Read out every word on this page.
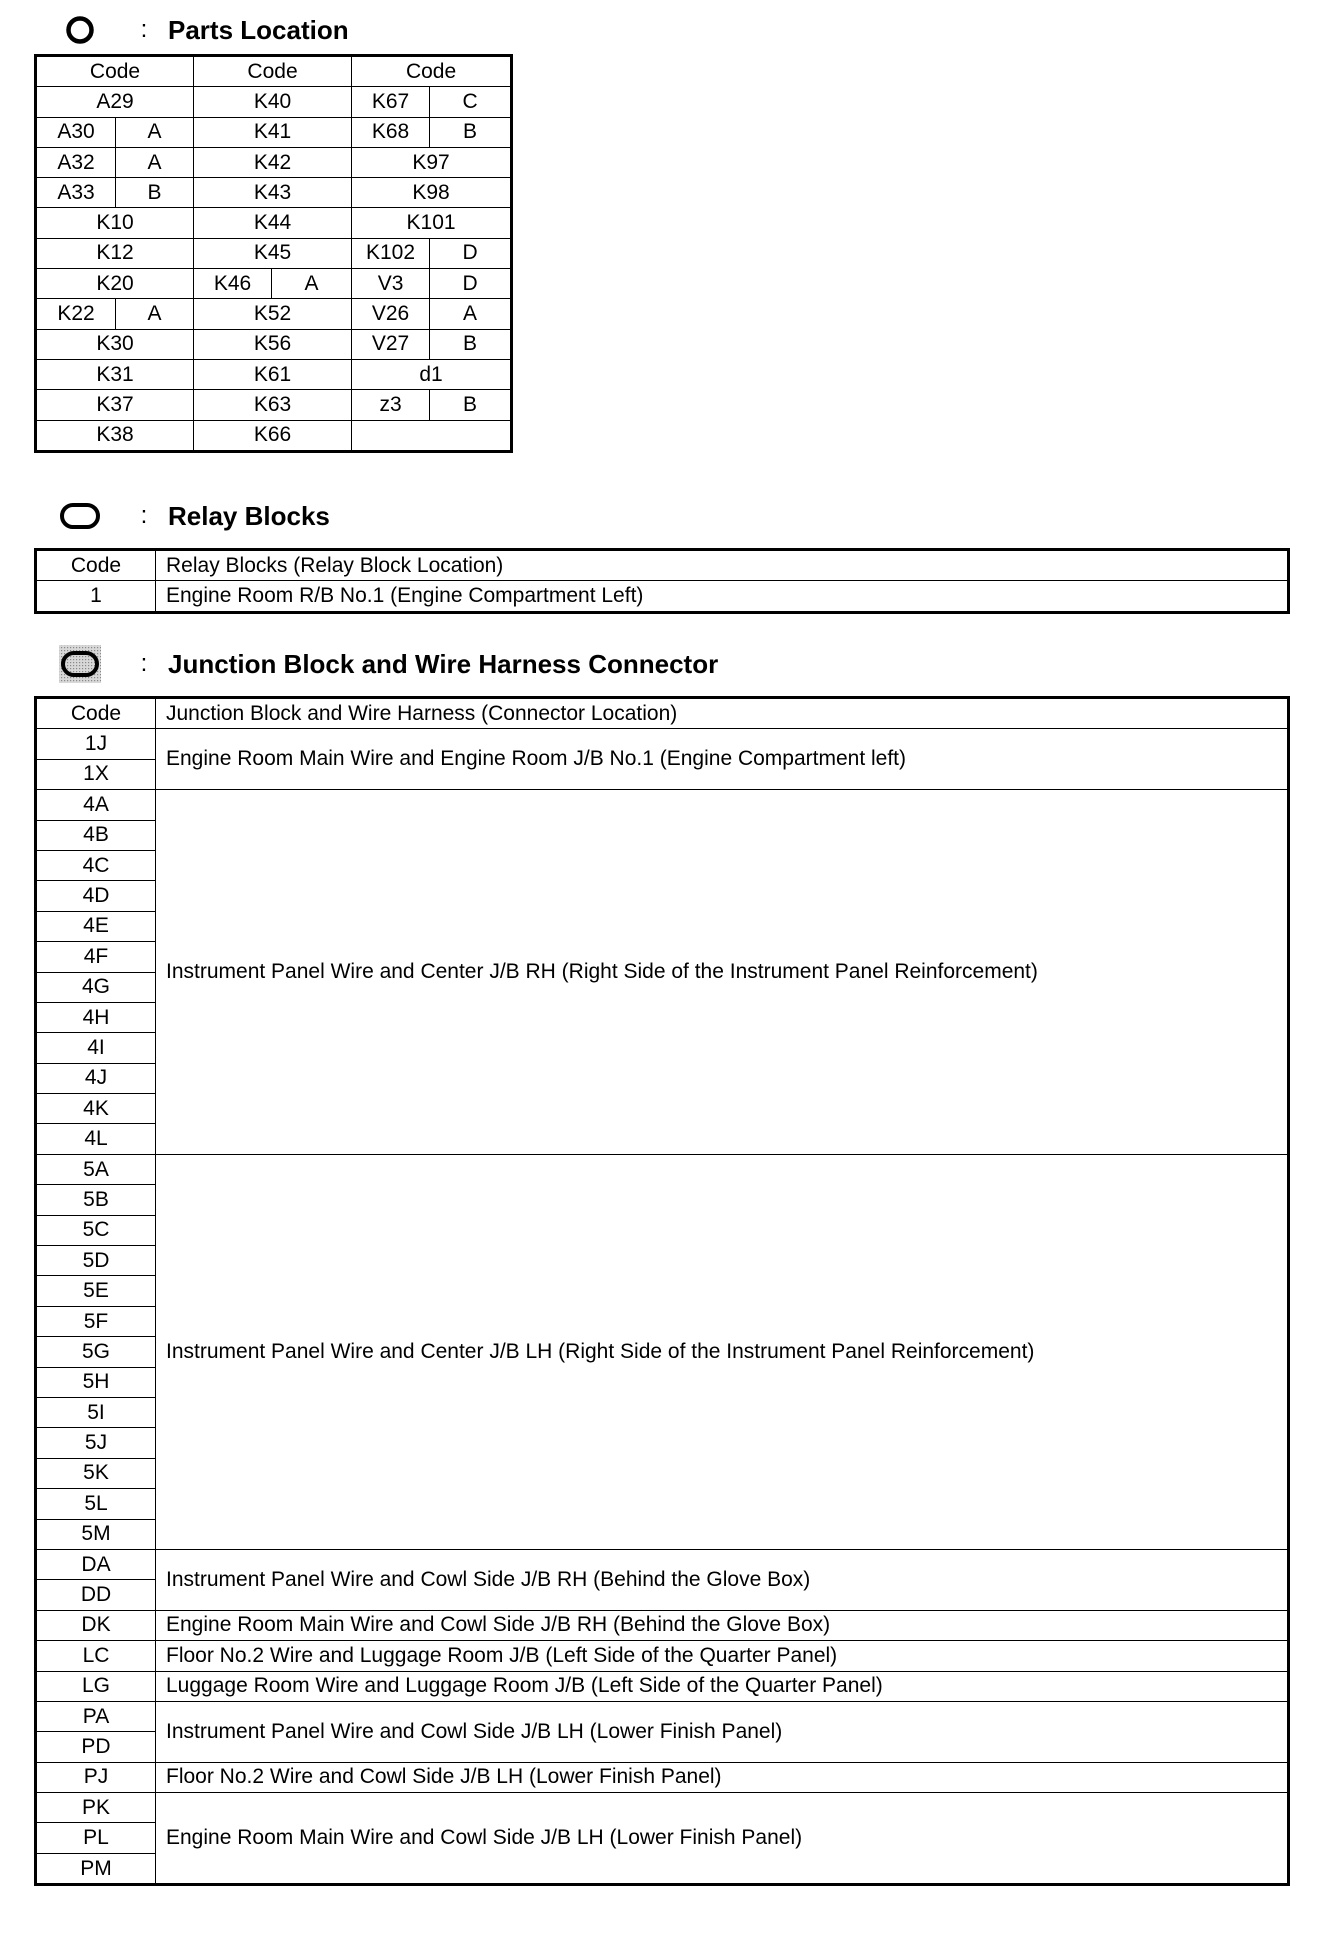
: Parts Location
Code		Code		Code	
A29		K40		K67	C
A30	A	K41		K68	B
A32	A	K42		K97	
A33	B	K43		K98	
K10		K44		K101	
K12		K45		K102	D
K20		K46	A	V3	D
K22	A	K52		V26	A
K30		K56		V27	B
K31		K61		d1	
K37		K63		z3	B
K38		K66			
: Relay Blocks
Code	Relay Blocks (Relay Block Location)
1	Engine Room R/B No.1 (Engine Compartment Left)
: Junction Block and Wire Harness Connector
Code	Junction Block and Wire Harness (Connector Location)
1J	Engine Room Main Wire and Engine Room J/B No.1 (Engine Compartment left)
1X	
4A	Instrument Panel Wire and Center J/B RH (Right Side of the Instrument Panel Reinforcement)
4B	
4C	
4D	
4E	
4F	
4G	
4H	
4I	
4J	
4K	
4L	
5A	Instrument Panel Wire and Center J/B LH (Right Side of the Instrument Panel Reinforcement)
5B	
5C	
5D	
5E	
5F	
5G	
5H	
5I	
5J	
5K	
5L	
5M	
DA	Instrument Panel Wire and Cowl Side J/B RH (Behind the Glove Box)
DD	
DK	Engine Room Main Wire and Cowl Side J/B RH (Behind the Glove Box)
LC	Floor No.2 Wire and Luggage Room J/B (Left Side of the Quarter Panel)
LG	Luggage Room Wire and Luggage Room J/B (Left Side of the Quarter Panel)
PA	Instrument Panel Wire and Cowl Side J/B LH (Lower Finish Panel)
PD	
PJ	Floor No.2 Wire and Cowl Side J/B LH (Lower Finish Panel)
PK	Engine Room Main Wire and Cowl Side J/B LH (Lower Finish Panel)
PL	
PM	
